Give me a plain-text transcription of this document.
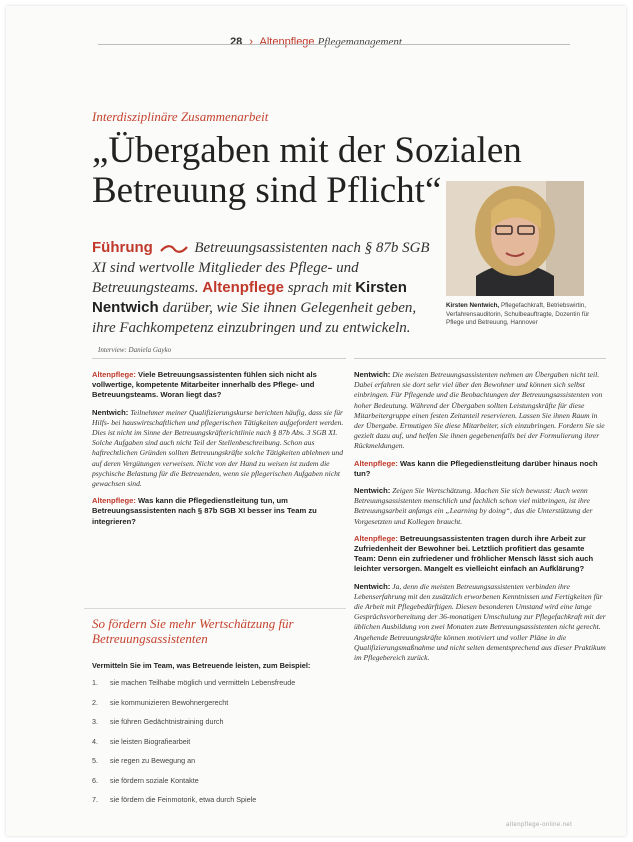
28 › Altenpflege Pflegemanagement
Interdisziplinäre Zusammenarbeit
„Übergaben mit der Sozialen Betreuung sind Pflicht“
Führung	Betreuungsassistenten nach § 87b SGB XI sind wertvolle Mitglieder des Pflege- und Betreuungsteams. Altenpflege sprach mit Kirsten Nentwich darüber, wie Sie ihnen Gelegenheit geben, ihre Fachkompetenz einzubringen und zu entwickeln. Interview: Daniela Gayko
Kirsten Nentwich, Pflegefachkraft, Betriebswirtin, Verfahrensauditorin, Schulbeauftragte, Dozentin für Pflege und Betreuung, Hannover

Altenpflege: Viele Betreuungsassistenten fühlen sich nicht als vollwertige, kompetente Mitarbeiter innerhalb des Pflege- und Betreuungsteams. Woran liegt das?

Nentwich: Teilnehmer meiner Qualifizierungskurse berichten häufig, dass sie für Hilfs- bei hauswirtschaftlichen und pflegerischen Tätigkeiten aufgefordert werden. Dies ist nicht im Sinne der Betreuungskräfterichtlinie nach § 87b Abs. 3 SGB XI. Solche Aufgaben sind auch nicht Teil der Stellenbeschreibung. Schon aus haftrechtlichen Gründen sollten Betreuungskräfte solche Tätigkeiten ablehnen und auf deren Vergütungen verweisen. Nicht von der Hand zu weisen ist zudem die psychische Belastung für die Betreuenden, wenn sie pflegerischen Aufgaben nicht gewachsen sind.

Altenpflege: Was kann die Pflegedienstleitung tun, um Betreuungsassistenten nach § 87b SGB XI besser ins Team zu integrieren?

Nentwich: Die meisten Betreuungsassistenten nehmen an Übergaben nicht teil. Dabei erfahren sie dort sehr viel über den Bewohner und können sich selbst einbringen. Für Pflegende und die Beobachtungen der Betreuungsassistenten von hoher Bedeutung. Während der Übergaben sollten Leistungskräfte für diese Mitarbeitergruppe einen festen Zeitanteil reservieren. Lassen Sie ihnen Raum in der Übergabe. Ermutigen Sie diese Mitarbeiter, sich einzubringen. Fordern Sie sie gezielt dazu auf, und helfen Sie ihnen gegebenenfalls bei der Formulierung ihrer Rückmeldungen.

Altenpflege: Was kann die Pflegedienstleitung darüber hinaus noch tun?

Nentwich: Zeigen Sie Wertschätzung. Machen Sie sich bewusst: Auch wenn Betreuungsassistenten menschlich und fachlich schon viel mitbringen, ist ihre Betreuungsarbeit anfangs ein „Learning by doing“, das die Unterstützung der Vorgesetzten und Kollegen braucht.

Altenpflege: Betreuungsassistenten tragen durch ihre Arbeit zur Zufriedenheit der Bewohner bei. Letztlich profitiert das gesamte Team: Denn ein zufriedener und fröhlicher Mensch lässt sich auch leichter versorgen. Mangelt es vielleicht einfach an Aufklärung?

Nentwich: Ja, denn die meisten Betreuungsassistenten verbinden ihre Lebenserfahrung mit den zusätzlich erworbenen Kenntnissen und Fertigkeiten für die Arbeit mit Pflegebedürftigen. Diesen besonderen Umstand wird eine lange Gesprächsvorbereitung der 36-monatigen Umschulung zur Pflegefachkraft mit der üblichen Ausbildung von zwei Monaten zum Betreuungsassistenten nicht gerecht. Angehende Betreuungskräfte können motiviert und voller Pläne in die Qualifizierungsmaßnahme und nicht selten dementsprechend aus dieser Praktikum im Pflegebereich zurück.

So fördern Sie mehr Wertschätzung für Betreuungsassistenten
Vermitteln Sie im Team, was Betreuende leisten, zum Beispiel:
1.	sie machen Teilhabe möglich und vermitteln Lebensfreude
2.	sie kommunizieren Bewohnergerecht
3.	sie führen Gedächtnistraining durch
4.	sie leisten Biografiearbeit
5.	sie regen zu Bewegung an
6.	sie fördern soziale Kontakte
7.	sie fördern die Feinmotorik, etwa durch Spiele
altenpflege-online.net
